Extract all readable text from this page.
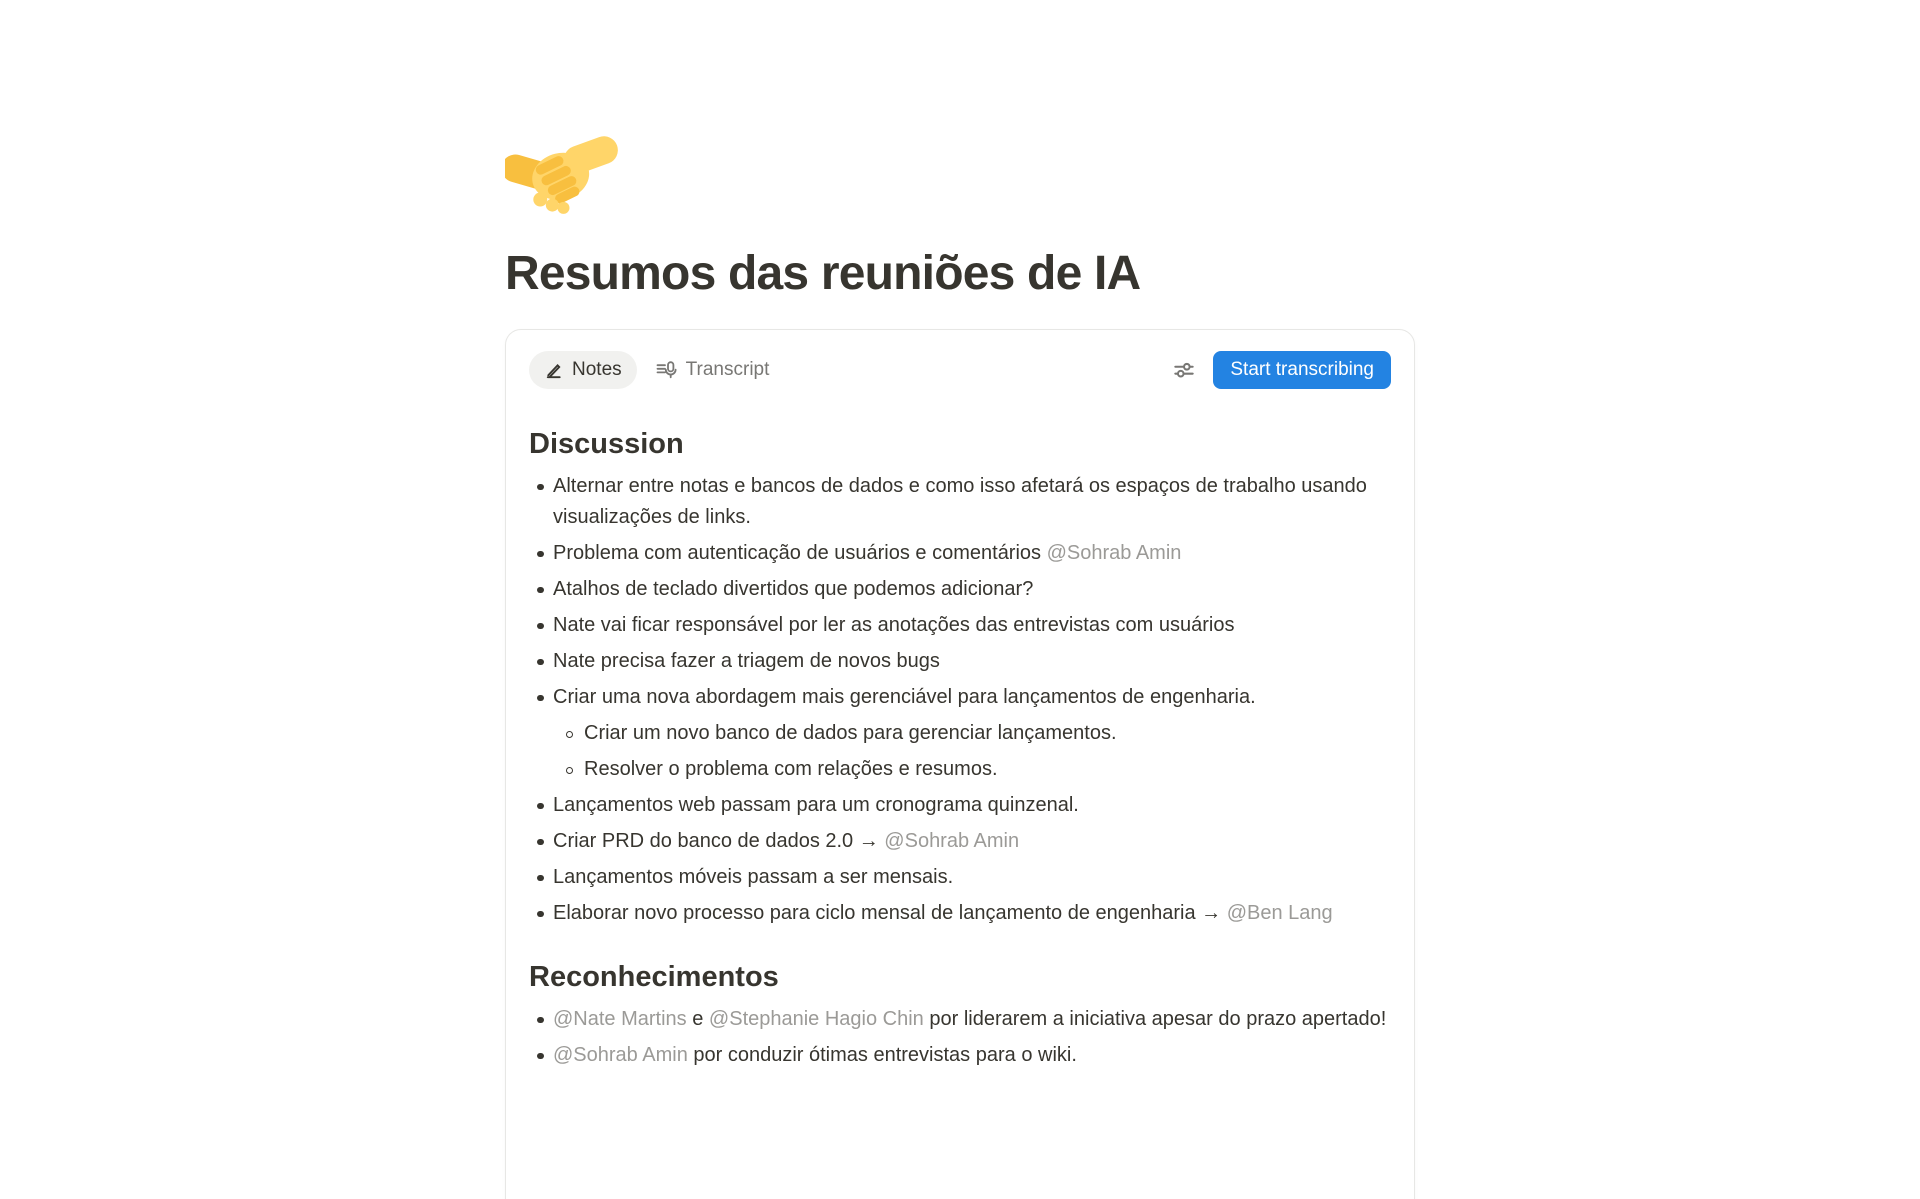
Resumos das reuniões de IA
Notes	Transcript	Start transcribing
Discussion
Alternar entre notas e bancos de dados e como isso afetará os espaços de trabalho usando visualizações de links.
Problema com autenticação de usuários e comentários @Sohrab Amin
Atalhos de teclado divertidos que podemos adicionar?
Nate vai ficar responsável por ler as anotações das entrevistas com usuários
Nate precisa fazer a triagem de novos bugs
Criar uma nova abordagem mais gerenciável para lançamentos de engenharia.
Criar um novo banco de dados para gerenciar lançamentos.
Resolver o problema com relações e resumos.
Lançamentos web passam para um cronograma quinzenal.
Criar PRD do banco de dados 2.0 → @Sohrab Amin
Lançamentos móveis passam a ser mensais.
Elaborar novo processo para ciclo mensal de lançamento de engenharia → @Ben Lang
Reconhecimentos
@Nate Martins e @Stephanie Hagio Chin por liderarem a iniciativa apesar do prazo apertado!
@Sohrab Amin por conduzir ótimas entrevistas para o wiki.
